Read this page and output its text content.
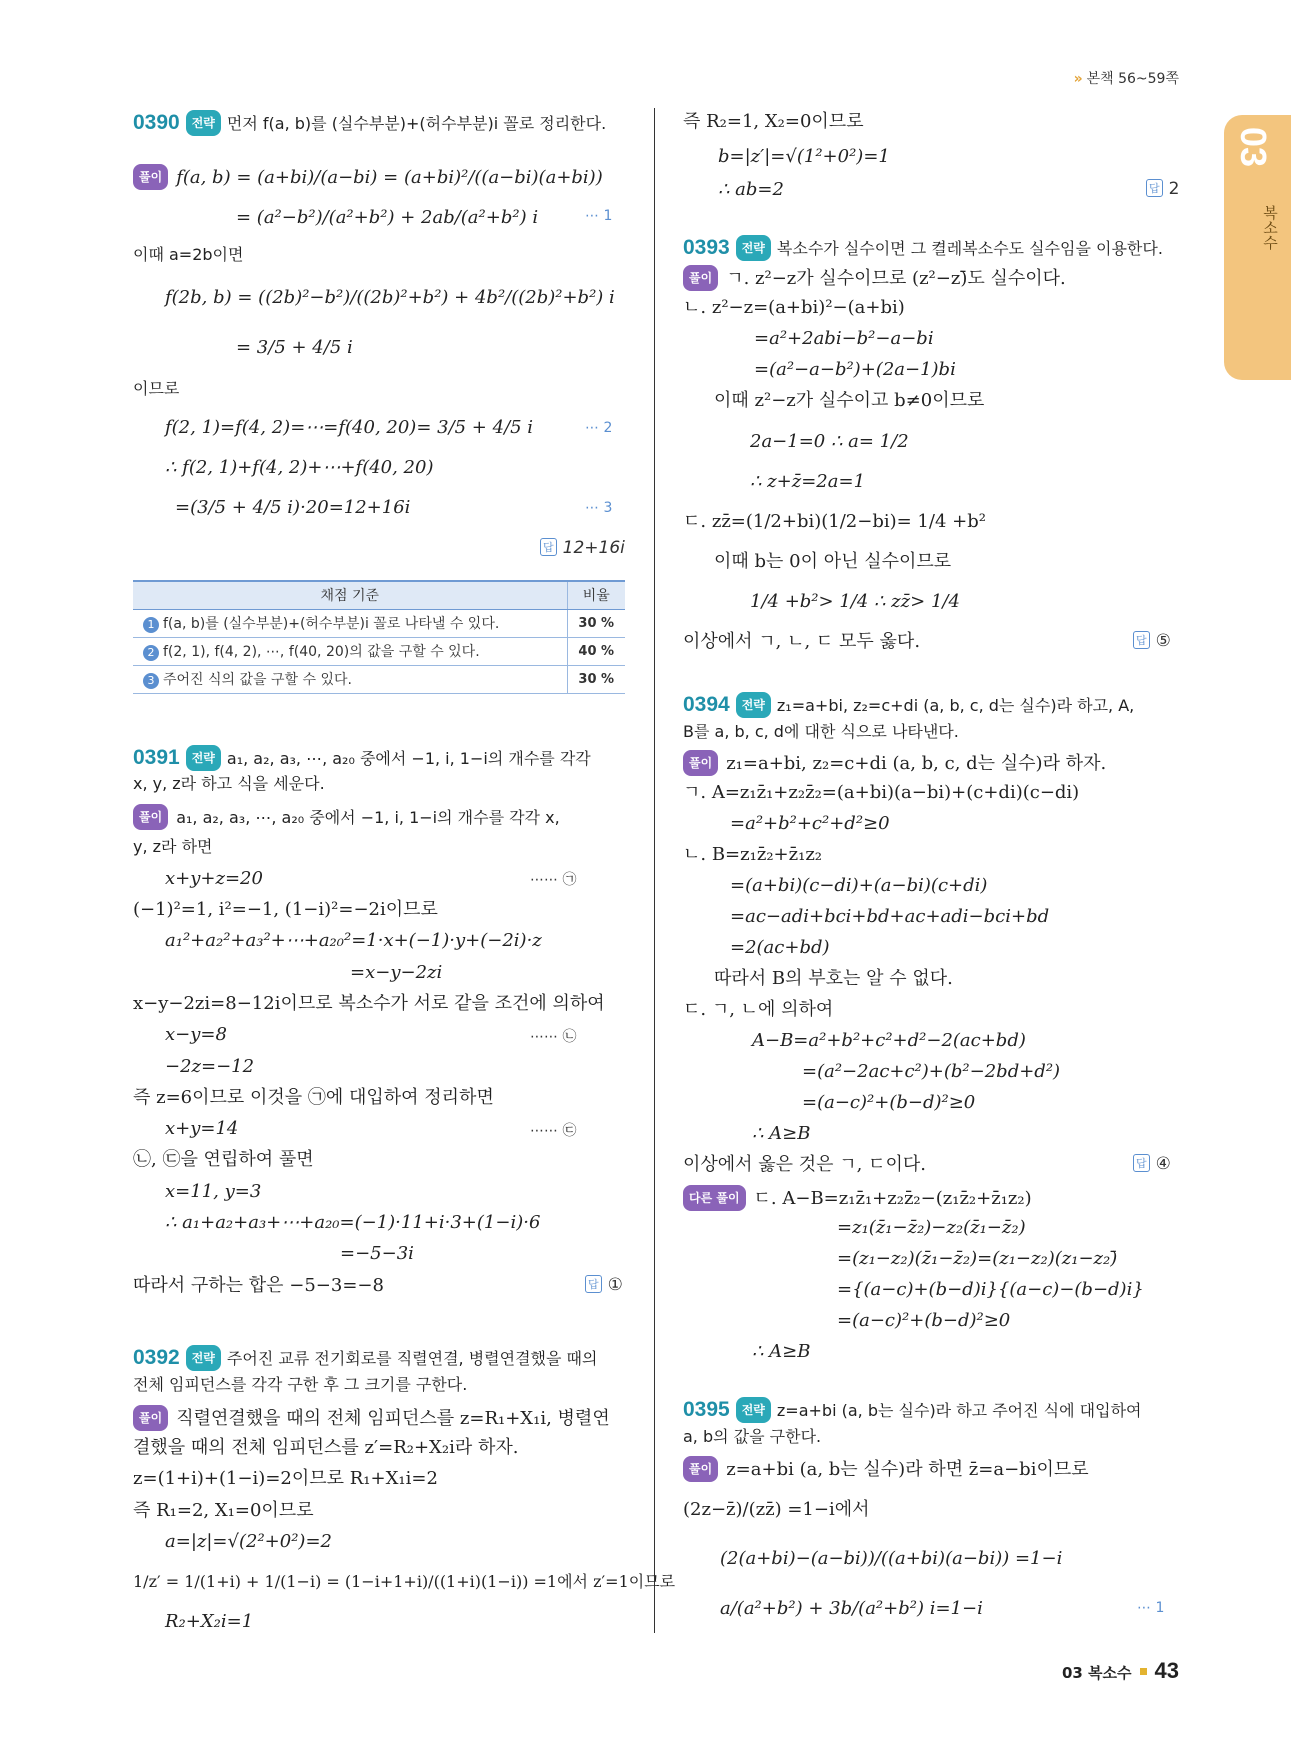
» 본책 56~59쪽
03
복소수
0390 전략 먼저 f(a, b)를 (실수부분)+(허수부분)i 꼴로 정리한다.
풀이 f(a, b) = (a+bi)/(a−bi) = (a+bi)²/((a−bi)(a+bi))
= (a²−b²)/(a²+b²) + 2ab/(a²+b²) i	⋯ 1
이때 a=2b이면
f(2b, b) = ((2b)²−b²)/((2b)²+b²) + 4b²/((2b)²+b²) i
= 3/5 + 4/5 i
이므로
f(2, 1)=f(4, 2)=⋯=f(40, 20)= 3/5 + 4/5 i	⋯ 2
∴ f(2, 1)+f(4, 2)+⋯+f(40, 20)
=(3/5 + 4/5 i)·20=12+16i	⋯ 3
답 12+16i
채점 기준	비율
1 f(a, b)를 (실수부분)+(허수부분)i 꼴로 나타낼 수 있다.	30 %
2 f(2, 1), f(4, 2), ⋯, f(40, 20)의 값을 구할 수 있다.	40 %
3 주어진 식의 값을 구할 수 있다.	30 %
0391 전략 a₁, a₂, a₃, ⋯, a₂₀ 중에서 −1, i, 1−i의 개수를 각각
x, y, z라 하고 식을 세운다.
풀이 a₁, a₂, a₃, ⋯, a₂₀ 중에서 −1, i, 1−i의 개수를 각각 x,
y, z라 하면
x+y+z=20	⋯⋯ ㉠
(−1)²=1, i²=−1, (1−i)²=−2i이므로
a₁²+a₂²+a₃²+⋯+a₂₀²=1·x+(−1)·y+(−2i)·z
=x−y−2zi
x−y−2zi=8−12i이므로 복소수가 서로 같을 조건에 의하여
x−y=8	⋯⋯ ㉡
−2z=−12
즉 z=6이므로 이것을 ㉠에 대입하여 정리하면
x+y=14	⋯⋯ ㉢
㉡, ㉢을 연립하여 풀면
x=11, y=3
∴ a₁+a₂+a₃+⋯+a₂₀=(−1)·11+i·3+(1−i)·6
=−5−3i
따라서 구하는 합은 −5−3=−8	답 ①
0392 전략 주어진 교류 전기회로를 직렬연결, 병렬연결했을 때의
전체 임피던스를 각각 구한 후 그 크기를 구한다.
풀이 직렬연결했을 때의 전체 임피던스를 z=R₁+X₁i, 병렬연
결했을 때의 전체 임피던스를 z′=R₂+X₂i라 하자.
z=(1+i)+(1−i)=2이므로 R₁+X₁i=2
즉 R₁=2, X₁=0이므로
a=|z|=√(2²+0²)=2
1/z′ = 1/(1+i) + 1/(1−i) = (1−i+1+i)/((1+i)(1−i)) =1에서 z′=1이므로
R₂+X₂i=1
즉 R₂=1, X₂=0이므로
b=|z′|=√(1²+0²)=1
∴ ab=2	답 2
0393 전략 복소수가 실수이면 그 켤레복소수도 실수임을 이용한다.
풀이 ㄱ. z²−z가 실수이므로 (z²−z)̄도 실수이다.
ㄴ. z²−z=(a+bi)²−(a+bi)
=a²+2abi−b²−a−bi
=(a²−a−b²)+(2a−1)bi
이때 z²−z가 실수이고 b≠0이므로
2a−1=0 ∴ a= 1/2
∴ z+z̄=2a=1
ㄷ. zz̄=(1/2+bi)(1/2−bi)= 1/4 +b²
이때 b는 0이 아닌 실수이므로
1/4 +b²> 1/4 ∴ zz̄> 1/4
이상에서 ㄱ, ㄴ, ㄷ 모두 옳다.	답 ⑤
0394 전략 z₁=a+bi, z₂=c+di (a, b, c, d는 실수)라 하고, A,
B를 a, b, c, d에 대한 식으로 나타낸다.
풀이 z₁=a+bi, z₂=c+di (a, b, c, d는 실수)라 하자.
ㄱ. A=z₁z̄₁+z₂z̄₂=(a+bi)(a−bi)+(c+di)(c−di)
=a²+b²+c²+d²≥0
ㄴ. B=z₁z̄₂+z̄₁z₂
=(a+bi)(c−di)+(a−bi)(c+di)
=ac−adi+bci+bd+ac+adi−bci+bd
=2(ac+bd)
따라서 B의 부호는 알 수 없다.
ㄷ. ㄱ, ㄴ에 의하여
A−B=a²+b²+c²+d²−2(ac+bd)
=(a²−2ac+c²)+(b²−2bd+d²)
=(a−c)²+(b−d)²≥0
∴ A≥B
이상에서 옳은 것은 ㄱ, ㄷ이다.	답 ④
다른 풀이 ㄷ. A−B=z₁z̄₁+z₂z̄₂−(z₁z̄₂+z̄₁z₂)
=z₁(z̄₁−z̄₂)−z₂(z̄₁−z̄₂)
=(z₁−z₂)(z̄₁−z̄₂)=(z₁−z₂)(z₁−z₂)̄
={(a−c)+(b−d)i}{(a−c)−(b−d)i}
=(a−c)²+(b−d)²≥0
∴ A≥B
0395 전략 z=a+bi (a, b는 실수)라 하고 주어진 식에 대입하여
a, b의 값을 구한다.
풀이 z=a+bi (a, b는 실수)라 하면 z̄=a−bi이므로
(2z−z̄)/(zz̄) =1−i에서
(2(a+bi)−(a−bi))/((a+bi)(a−bi)) =1−i
a/(a²+b²) + 3b/(a²+b²) i=1−i	⋯ 1
03 복소수 43
